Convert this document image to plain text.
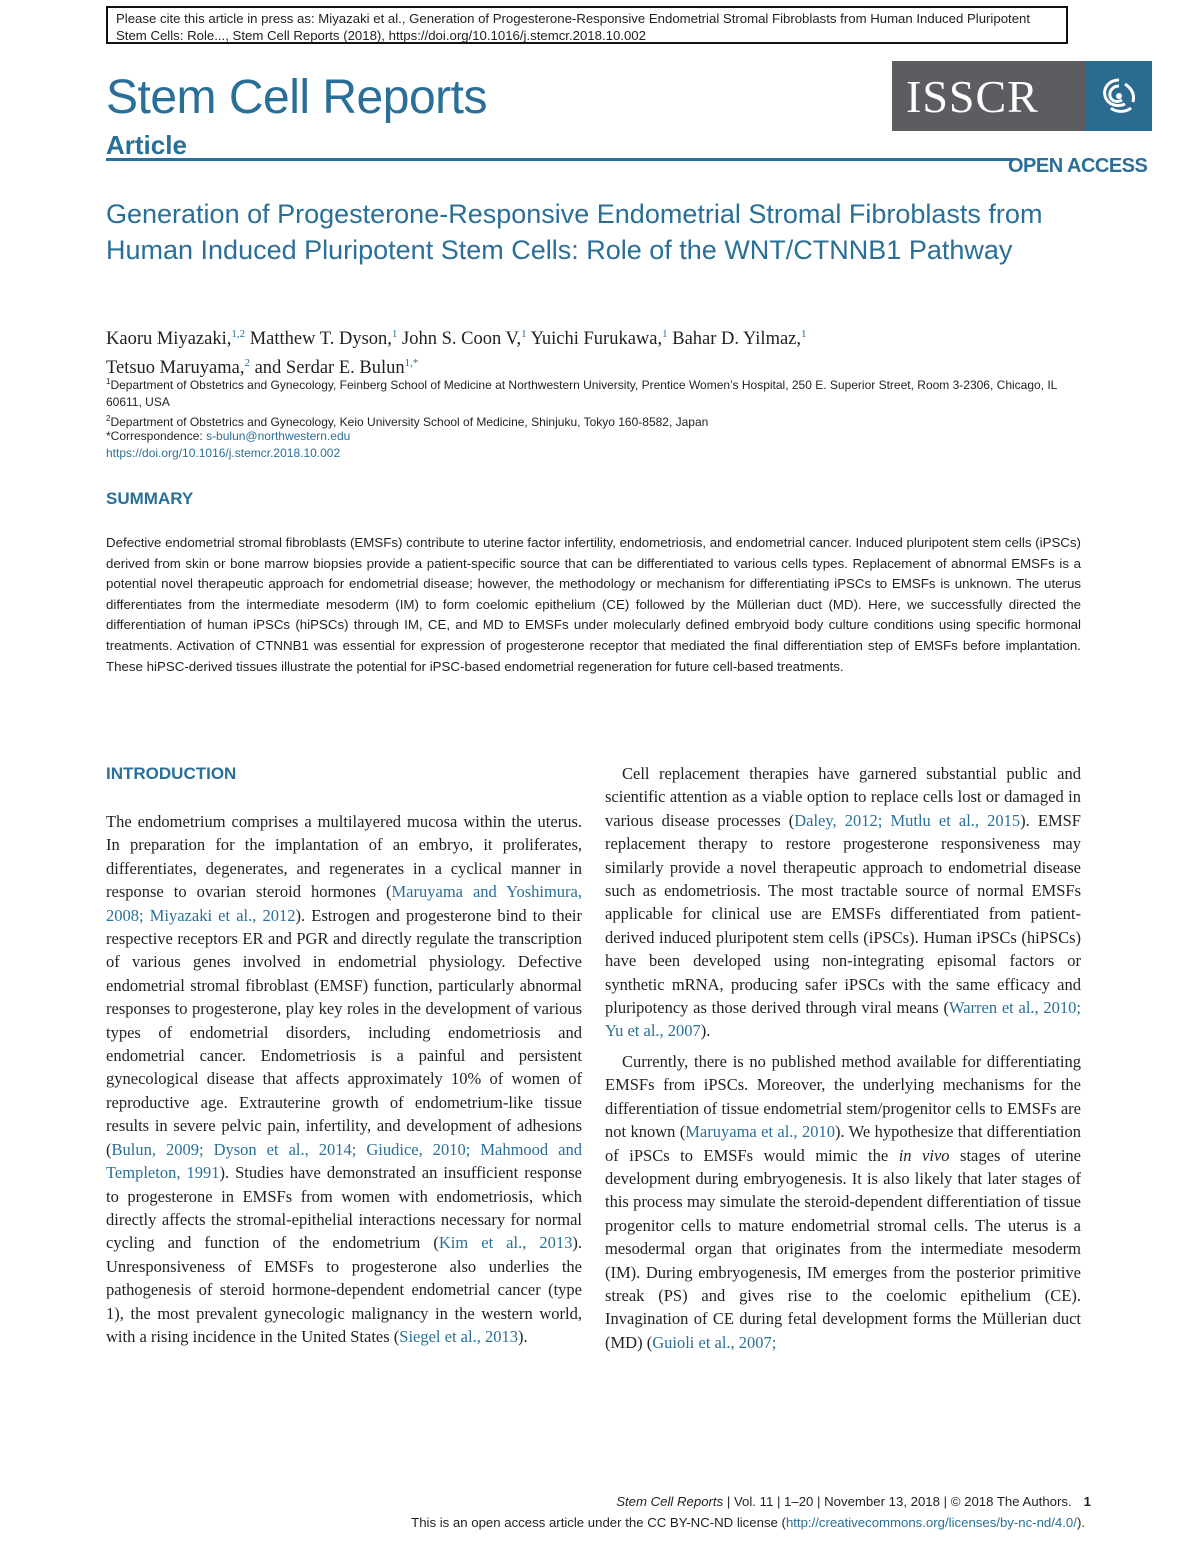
Please cite this article in press as: Miyazaki et al., Generation of Progesterone-Responsive Endometrial Stromal Fibroblasts from Human Induced Pluripotent Stem Cells: Role..., Stem Cell Reports (2018), https://doi.org/10.1016/j.stemcr.2018.10.002
Stem Cell Reports
Article
ISSCR
OPEN ACCESS
Generation of Progesterone-Responsive Endometrial Stromal Fibroblasts from Human Induced Pluripotent Stem Cells: Role of the WNT/CTNNB1 Pathway
Kaoru Miyazaki,$^{1,2}$ Matthew T. Dyson,$^1$ John S. Coon V,$^1$ Yuichi Furukawa,$^1$ Bahar D. Yilmaz,$^1$
Tetsuo Maruyama,$^2$ and Serdar E. Bulun$^{1,*}$
$^1$Department of Obstetrics and Gynecology, Feinberg School of Medicine at Northwestern University, Prentice Women’s Hospital, 250 E. Superior Street, Room 3-2306, Chicago, IL 60611, USA
$^2$Department of Obstetrics and Gynecology, Keio University School of Medicine, Shinjuku, Tokyo 160-8582, Japan
*Correspondence: s-bulun@northwestern.edu
https://doi.org/10.1016/j.stemcr.2018.10.002
SUMMARY
Defective endometrial stromal fibroblasts (EMSFs) contribute to uterine factor infertility, endometriosis, and endometrial cancer. Induced pluripotent stem cells (iPSCs) derived from skin or bone marrow biopsies provide a patient-specific source that can be differentiated to various cells types. Replacement of abnormal EMSFs is a potential novel therapeutic approach for endometrial disease; however, the methodology or mechanism for differentiating iPSCs to EMSFs is unknown. The uterus differentiates from the intermediate mesoderm (IM) to form coelomic epithelium (CE) followed by the Müllerian duct (MD). Here, we successfully directed the differentiation of human iPSCs (hiPSCs) through IM, CE, and MD to EMSFs under molecularly defined embryoid body culture conditions using specific hormonal treatments. Activation of CTNNB1 was essential for expression of progesterone receptor that mediated the final differentiation step of EMSFs before implantation. These hiPSC-derived tissues illustrate the potential for iPSC-based endometrial regeneration for future cell-based treatments.
INTRODUCTION

The endometrium comprises a multilayered mucosa within the uterus. In preparation for the implantation of an embryo, it proliferates, differentiates, degenerates, and regenerates in a cyclical manner in response to ovarian steroid hormones (Maruyama and Yoshimura, 2008; Miyazaki et al., 2012). Estrogen and progesterone bind to their respective receptors ER and PGR and directly regulate the transcription of various genes involved in endometrial physiology. Defective endometrial stromal fibroblast (EMSF) function, particularly abnormal responses to progesterone, play key roles in the development of various types of endometrial disorders, including endometriosis and endometrial cancer. Endometriosis is a painful and persistent gynecological disease that affects approximately 10% of women of reproductive age. Extrauterine growth of endometrium-like tissue results in severe pelvic pain, infertility, and development of adhesions (Bulun, 2009; Dyson et al., 2014; Giudice, 2010; Mahmood and Templeton, 1991). Studies have demonstrated an insufficient response to progesterone in EMSFs from women with endometriosis, which directly affects the stromal-epithelial interactions necessary for normal cycling and function of the endometrium (Kim et al., 2013). Unresponsiveness of EMSFs to progesterone also underlies the pathogenesis of steroid hormone-dependent endometrial cancer (type 1), the most prevalent gynecologic malignancy in the western world, with a rising incidence in the United States (Siegel et al., 2013).

Cell replacement therapies have garnered substantial public and scientific attention as a viable option to replace cells lost or damaged in various disease processes (Daley, 2012; Mutlu et al., 2015). EMSF replacement therapy to restore progesterone responsiveness may similarly provide a novel therapeutic approach to endometrial disease such as endometriosis. The most tractable source of normal EMSFs applicable for clinical use are EMSFs differentiated from patient-derived induced pluripotent stem cells (iPSCs). Human iPSCs (hiPSCs) have been developed using non-integrating episomal factors or synthetic mRNA, producing safer iPSCs with the same efficacy and pluripotency as those derived through viral means (Warren et al., 2010; Yu et al., 2007).

Currently, there is no published method available for differentiating EMSFs from iPSCs. Moreover, the underlying mechanisms for the differentiation of tissue endometrial stem/progenitor cells to EMSFs are not known (Maruyama et al., 2010). We hypothesize that differentiation of iPSCs to EMSFs would mimic the in vivo stages of uterine development during embryogenesis. It is also likely that later stages of this process may simulate the steroid-dependent differentiation of tissue progenitor cells to mature endometrial stromal cells. The uterus is a mesodermal organ that originates from the intermediate mesoderm (IM). During embryogenesis, IM emerges from the posterior primitive streak (PS) and gives rise to the coelomic epithelium (CE). Invagination of CE during fetal development forms the Müllerian duct (MD) (Guioli et al., 2007;

Stem Cell Reports | Vol. 11 | 1–20 | November 13, 2018 | © 2018 The Authors. 1
This is an open access article under the CC BY-NC-ND license (http://creativecommons.org/licenses/by-nc-nd/4.0/).
